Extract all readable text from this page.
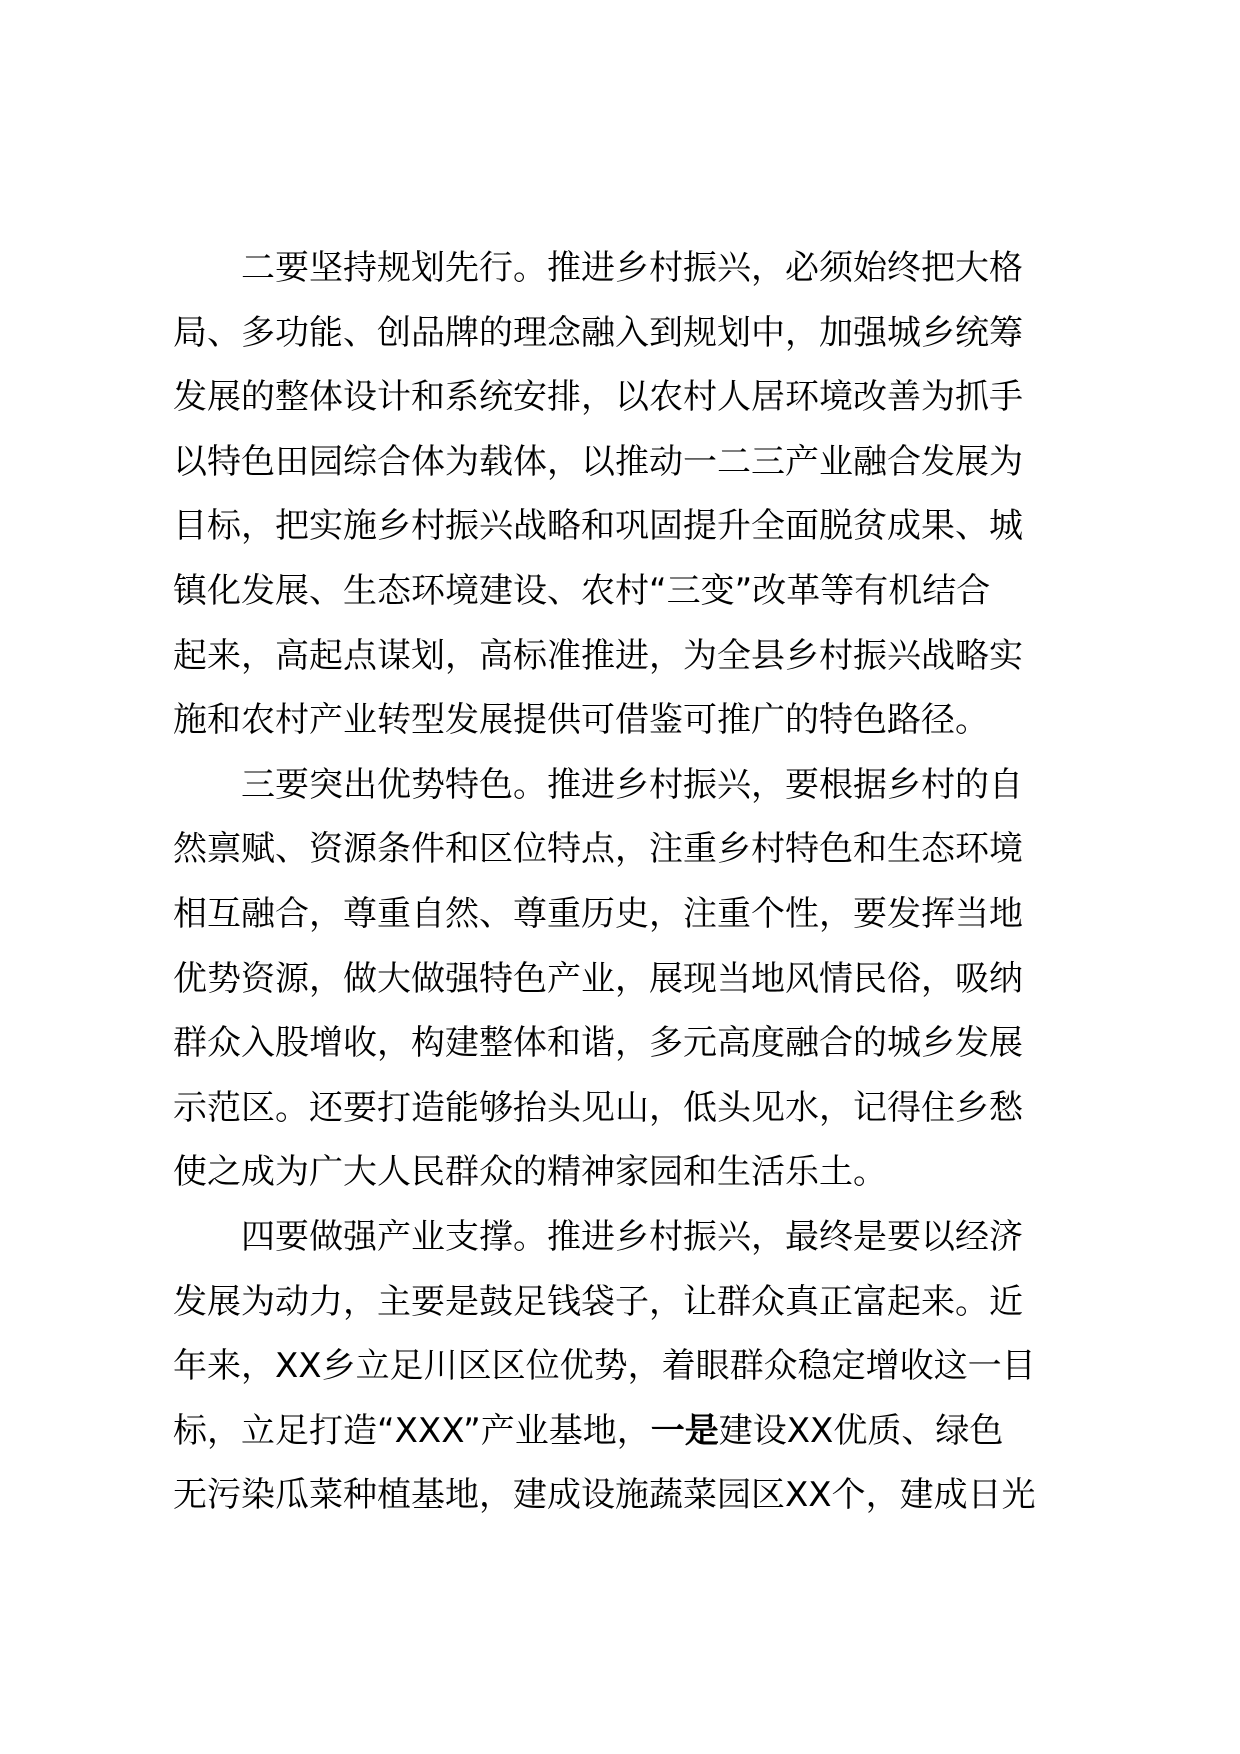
二要坚持规划先行。推进乡村振兴，必须始终把大格
局、多功能、创品牌的理念融入到规划中，加强城乡统筹
发展的整体设计和系统安排，以农村人居环境改善为抓手
以特色田园综合体为载体，以推动一二三产业融合发展为
目标，把实施乡村振兴战略和巩固提升全面脱贫成果、城
镇化发展、生态环境建设、农村“三变”改革等有机结合
起来，高起点谋划，高标准推进，为全县乡村振兴战略实
施和农村产业转型发展提供可借鉴可推广的特色路径。
三要突出优势特色。推进乡村振兴，要根据乡村的自
然禀赋、资源条件和区位特点，注重乡村特色和生态环境
相互融合，尊重自然、尊重历史，注重个性，要发挥当地
优势资源，做大做强特色产业，展现当地风情民俗，吸纳
群众入股增收，构建整体和谐，多元高度融合的城乡发展
示范区。还要打造能够抬头见山，低头见水，记得住乡愁
使之成为广大人民群众的精神家园和生活乐土。
四要做强产业支撑。推进乡村振兴，最终是要以经济
发展为动力，主要是鼓足钱袋子，让群众真正富起来。近
年来，XX乡立足川区区位优势，着眼群众稳定增收这一目
标，立足打造“XXX”产业基地，一是建设XX优质、绿色
无污染瓜菜种植基地，建成设施蔬菜园区XX个，建成日光
